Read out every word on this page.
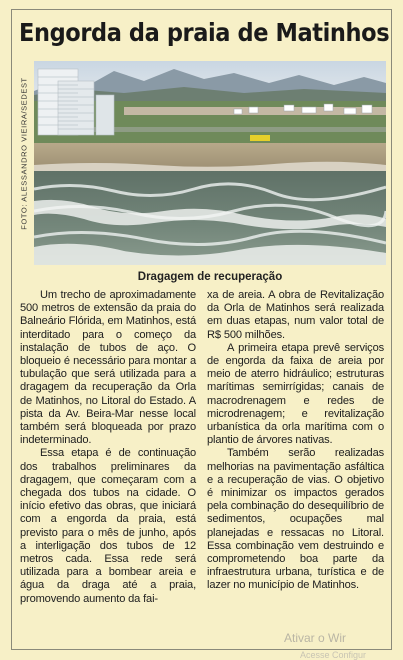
Engorda da praia de Matinhos
FOTO: ALESSANDRO VIEIRA/SEDEST
Dragagem de recuperação

Um trecho de aproximadamente 500 metros de extensão da praia do Balneário Flórida, em Matinhos, está interditado para o começo da instalação de tubos de aço. O bloqueio é necessário para montar a tubulação que será utilizada para a dragagem da recuperação da Orla de Matinhos, no Litoral do Estado. A pista da Av. Beira-Mar nesse local também será bloqueada por prazo indeterminado.

Essa etapa é de continuação dos trabalhos preliminares da dragagem, que começaram com a chegada dos tubos na cidade. O início efetivo das obras, que iniciará com a engorda da praia, está previsto para o mês de junho, após a interligação dos tubos de 12 metros cada. Essa rede será utilizada para a bombear areia e água da draga até a praia, promovendo aumento da fai-

xa de areia. A obra de Revitalização da Orla de Matinhos será realizada em duas etapas, num valor total de R$ 500 milhões.

A primeira etapa prevê serviços de engorda da faixa de areia por meio de aterro hidráulico; estruturas marítimas semirrígidas; canais de macrodrenagem e redes de microdrenagem; e revitalização urbanística da orla marítima com o plantio de árvores nativas.

Também serão realizadas melhorias na pavimentação asfáltica e a recuperação de vias. O objetivo é minimizar os impactos gerados pela combinação do desequilíbrio de sedimentos, ocupações mal planejadas e ressacas no Litoral. Essa combinação vem destruindo e comprometendo boa parte da infraestrutura urbana, turística e de lazer no município de Matinhos.

Ativar o Wir
Acesse Configur
